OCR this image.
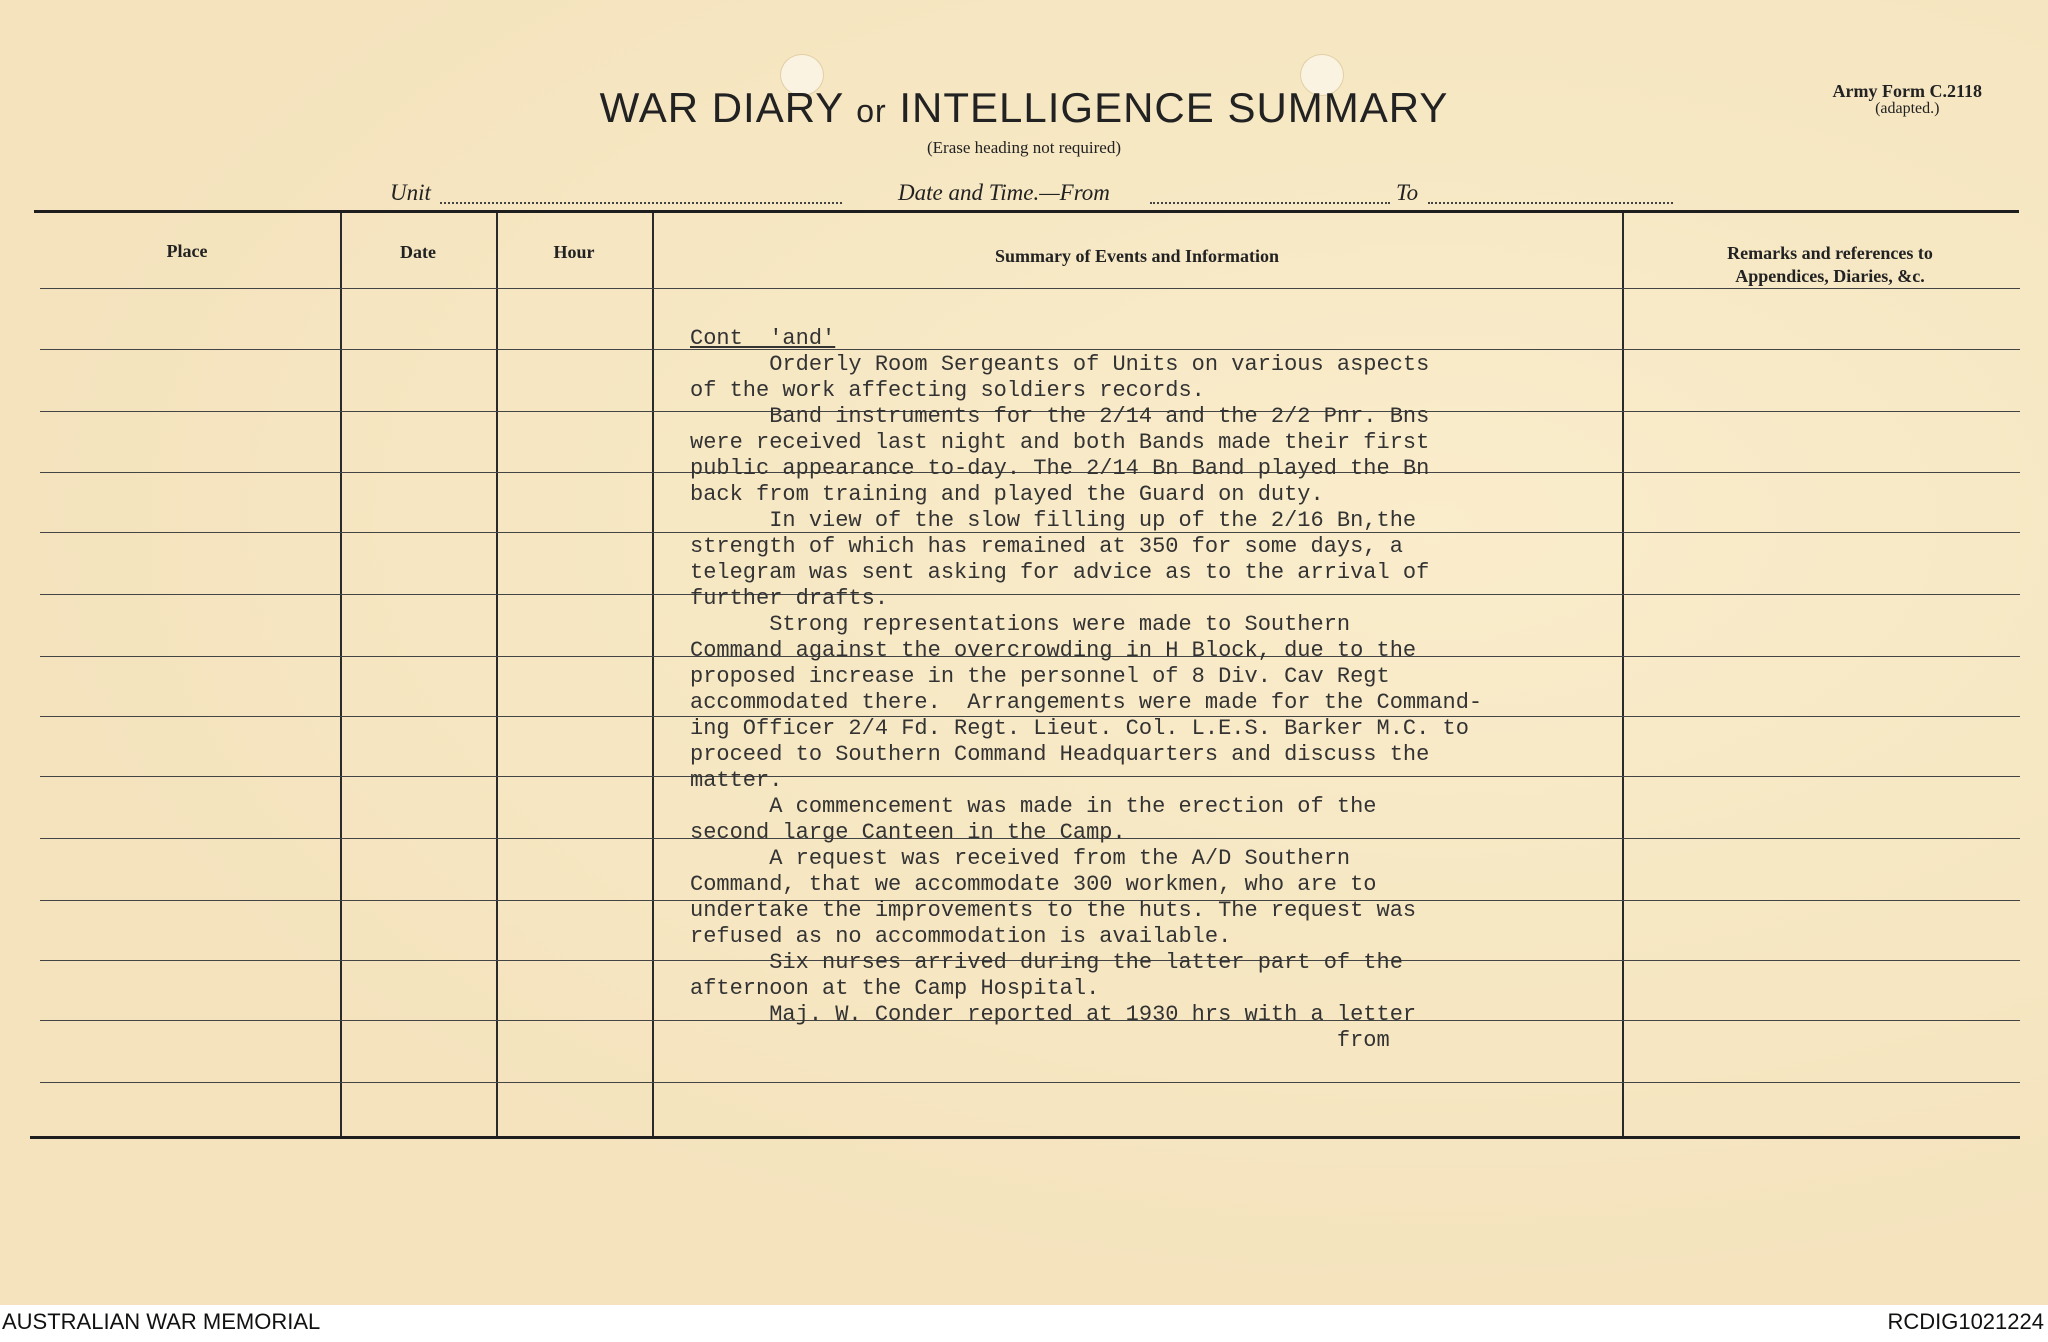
WAR DIARY or INTELLIGENCE SUMMARY
(Erase heading not required)
Army Form C.2118
(adapted.)
Unit	Date and Time.—From	To
Place	Date	Hour	Summary of Events and Information	Remarks and references to Appendices, Diaries, &c.

Cont  'and'
Orderly Room Sergeants of Units on various aspects
of the work affecting soldiers records.
Band instruments for the 2/14 and the 2/2 Pnr. Bns
were received last night and both Bands made their first
public appearance to-day. The 2/14 Bn Band played the Bn
back from training and played the Guard on duty.
In view of the slow filling up of the 2/16 Bn,the
strength of which has remained at 350 for some days, a
telegram was sent asking for advice as to the arrival of
further drafts.
Strong representations were made to Southern
Command against the overcrowding in H Block, due to the
proposed increase in the personnel of 8 Div. Cav Regt
accommodated there.  Arrangements were made for the Command-
ing Officer 2/4 Fd. Regt. Lieut. Col. L.E.S. Barker M.C. to
proceed to Southern Command Headquarters and discuss the
matter.
A commencement was made in the erection of the
second large Canteen in the Camp.
A request was received from the A/D Southern
Command, that we accommodate 300 workmen, who are to
undertake the improvements to the huts. The request was
refused as no accommodation is available.
Six nurses arrived during the latter part of the
afternoon at the Camp Hospital.
Maj. W. Conder reported at 1930 hrs with a letter
from
AUSTRALIAN WAR MEMORIAL	RCDIG1021224
